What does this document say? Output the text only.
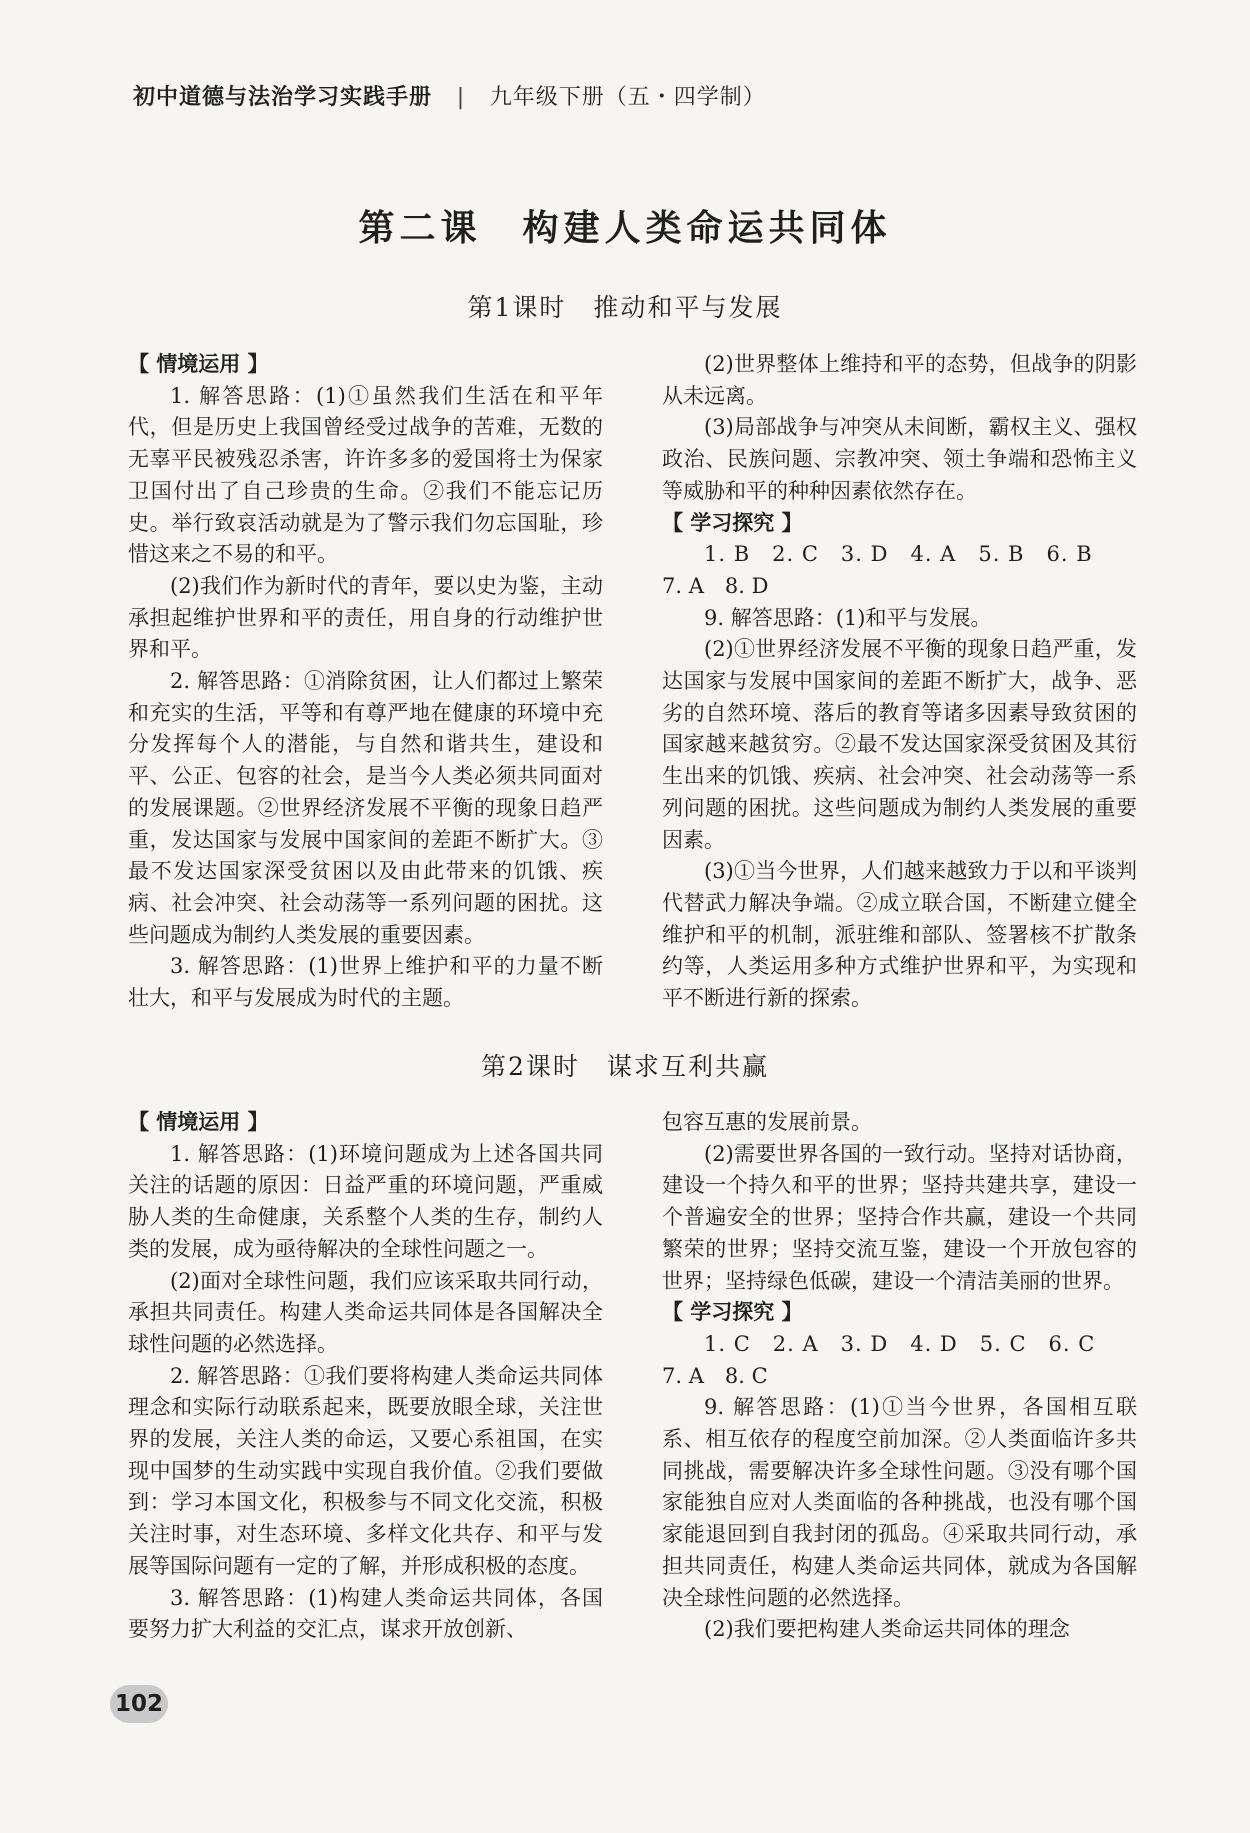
初中道德与法治学习实践手册 | 九年级下册（五・四学制）
第二课　构建人类命运共同体
第1课时　推动和平与发展

【 情境运用 】

1. 解答思路：(1)①虽然我们生活在和平年代，但是历史上我国曾经受过战争的苦难，无数的无辜平民被残忍杀害，许许多多的爱国将士为保家卫国付出了自己珍贵的生命。②我们不能忘记历史。举行致哀活动就是为了警示我们勿忘国耻，珍惜这来之不易的和平。

(2)我们作为新时代的青年，要以史为鉴，主动承担起维护世界和平的责任，用自身的行动维护世界和平。

2. 解答思路：①消除贫困，让人们都过上繁荣和充实的生活，平等和有尊严地在健康的环境中充分发挥每个人的潜能，与自然和谐共生，建设和平、公正、包容的社会，是当今人类必须共同面对的发展课题。②世界经济发展不平衡的现象日趋严重，发达国家与发展中国家间的差距不断扩大。③最不发达国家深受贫困以及由此带来的饥饿、疾病、社会冲突、社会动荡等一系列问题的困扰。这些问题成为制约人类发展的重要因素。

3. 解答思路：(1)世界上维护和平的力量不断壮大，和平与发展成为时代的主题。

(2)世界整体上维持和平的态势，但战争的阴影从未远离。

(3)局部战争与冲突从未间断，霸权主义、强权政治、民族问题、宗教冲突、领土争端和恐怖主义等威胁和平的种种因素依然存在。

【 学习探究 】

1. B　2. C　3. D　4. A　5. B　6. B

7. A　8. D

9. 解答思路：(1)和平与发展。

(2)①世界经济发展不平衡的现象日趋严重，发达国家与发展中国家间的差距不断扩大，战争、恶劣的自然环境、落后的教育等诸多因素导致贫困的国家越来越贫穷。②最不发达国家深受贫困及其衍生出来的饥饿、疾病、社会冲突、社会动荡等一系列问题的困扰。这些问题成为制约人类发展的重要因素。

(3)①当今世界，人们越来越致力于以和平谈判代替武力解决争端。②成立联合国，不断建立健全维护和平的机制，派驻维和部队、签署核不扩散条约等，人类运用多种方式维护世界和平，为实现和平不断进行新的探索。

第2课时　谋求互利共赢

【 情境运用 】

1. 解答思路：(1)环境问题成为上述各国共同关注的话题的原因：日益严重的环境问题，严重威胁人类的生命健康，关系整个人类的生存，制约人类的发展，成为亟待解决的全球性问题之一。

(2)面对全球性问题，我们应该采取共同行动，承担共同责任。构建人类命运共同体是各国解决全球性问题的必然选择。

2. 解答思路：①我们要将构建人类命运共同体理念和实际行动联系起来，既要放眼全球，关注世界的发展，关注人类的命运，又要心系祖国，在实现中国梦的生动实践中实现自我价值。②我们要做到：学习本国文化，积极参与不同文化交流，积极关注时事，对生态环境、多样文化共存、和平与发展等国际问题有一定的了解，并形成积极的态度。

3. 解答思路：(1)构建人类命运共同体，各国要努力扩大利益的交汇点，谋求开放创新、

包容互惠的发展前景。

(2)需要世界各国的一致行动。坚持对话协商，建设一个持久和平的世界；坚持共建共享，建设一个普遍安全的世界；坚持合作共赢，建设一个共同繁荣的世界；坚持交流互鉴，建设一个开放包容的世界；坚持绿色低碳，建设一个清洁美丽的世界。

【 学习探究 】

1. C　2. A　3. D　4. D　5. C　6. C

7. A　8. C

9. 解答思路：(1)①当今世界，各国相互联系、相互依存的程度空前加深。②人类面临许多共同挑战，需要解决许多全球性问题。③没有哪个国家能独自应对人类面临的各种挑战，也没有哪个国家能退回到自我封闭的孤岛。④采取共同行动，承担共同责任，构建人类命运共同体，就成为各国解决全球性问题的必然选择。

(2)我们要把构建人类命运共同体的理念

102
